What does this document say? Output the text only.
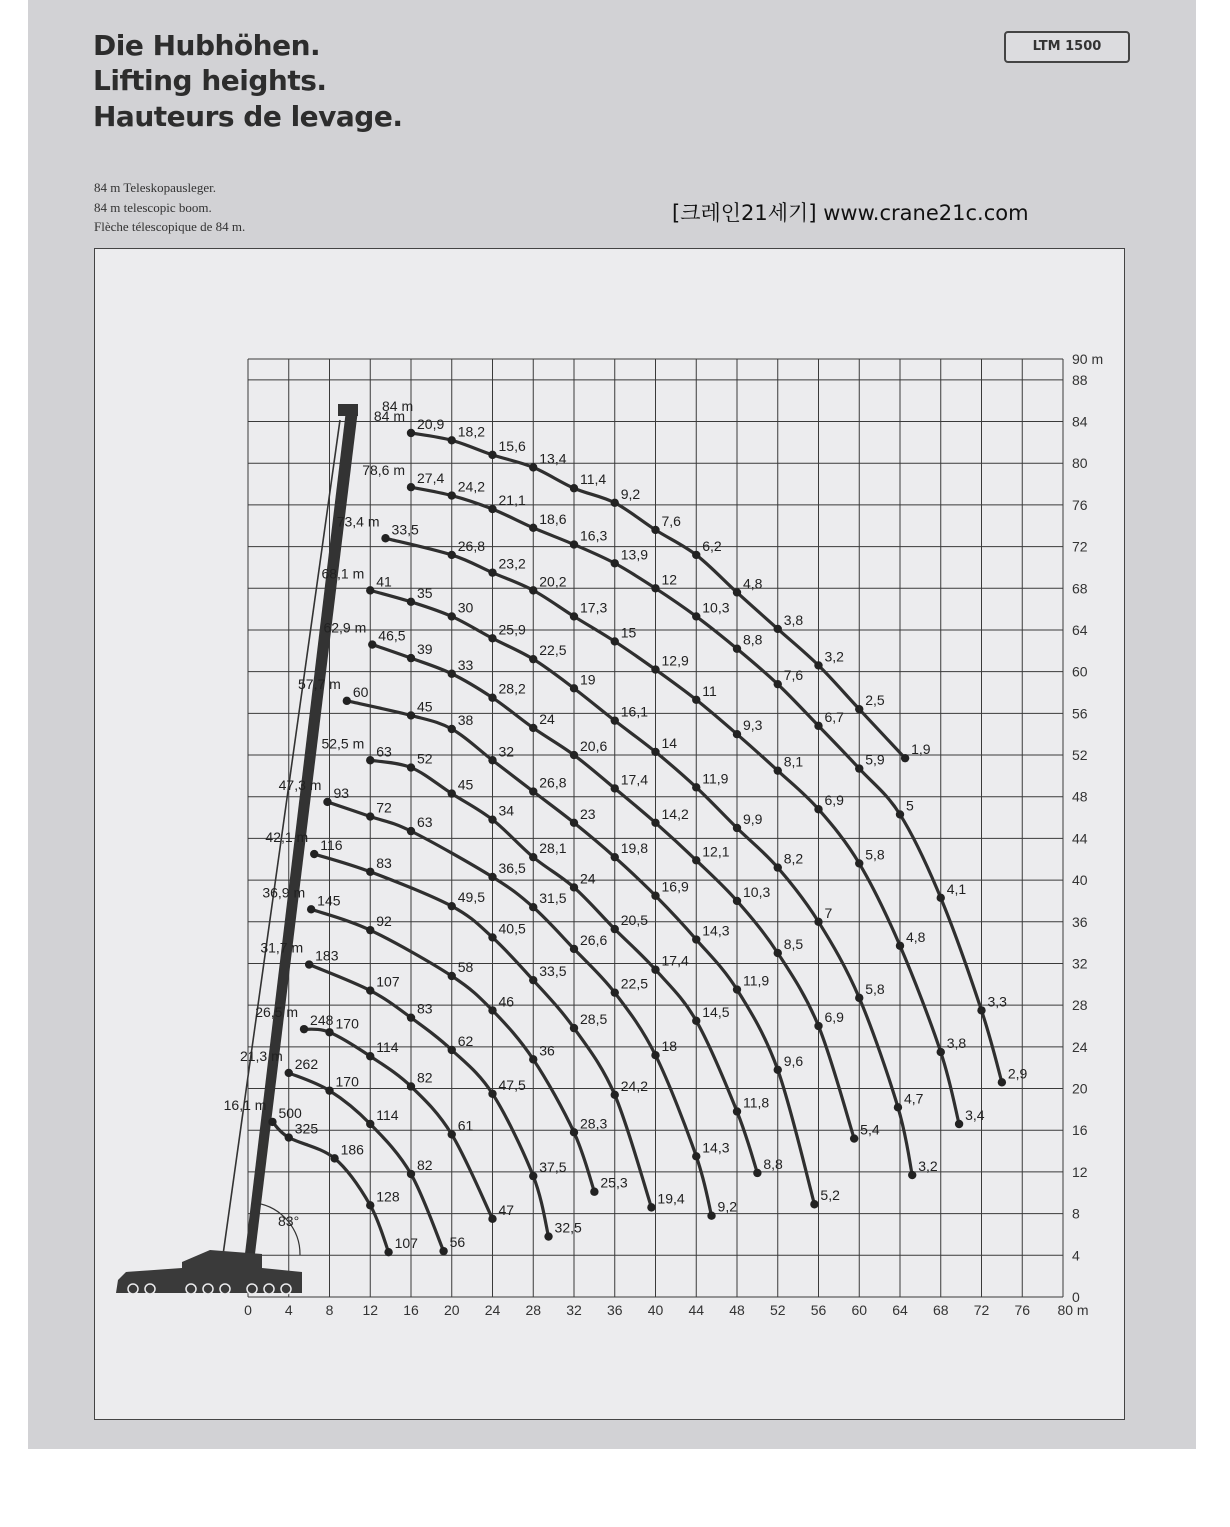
Die Hubhöhen.
Lifting heights.
Hauteurs de levage.
LTM 1500
84 m Teleskopausleger.
84 m telescopic boom.
Flèche télescopique de 84 m.
[크레인21세기] www.crane21c.com
83°
84 m
16,1 m 500
325
186
128
107
21,3 m 262
170
114
82
56
26,5 m
248 170
114
82
61
47
31,7 m 183
107
83
62
47,5
37,5
32,5
36,9 m 145
92
58
46
36
28,3
25,3
42,1 m 116
83
49,5
40,5
33,5
28,5
24,2
19,4
47,3 m 93
72
63
36,5
31,5
26,6
22,5
18
14,3
9,2
52,5 m 63 52
45
34
28,1
24
20,5
17,4
14,5
11,8
8,8
57,7 m 60
45
38
32
26,8
23
19,8
16,9
14,3
11,9
9,6
5,2
62,9 m 46,5
39
33
28,2
24
20,6
17,4
14,2
12,1
10,3
8,5
6,9
5,4
68,1 m 41
35
30
25,9
22,5
19
16,1
14
11,9
9,9
8,2
7
5,8
4,7
3,2
73,4 m 33,5
26,8
23,2
20,2
17,3
15
12,9
11
9,3
8,1
6,9
5,8
4,8
3,8
3,4
78,6 m 27,4
24,2
21,1
18,6
16,3
13,9
12
10,3
8,8
7,6
6,7
5,9
5
4,1
3,3
2,9
84 m 20,9 18,2
15,6
13,4
11,4
9,2
7,6
6,2
4,8
3,8
3,2
2,5
1,9
0 4 8 12 16 20 24 28 32 36 40 44 48 52 56 60 64 68 72 76 80 m
0
4
8
12
16
20
24
28
32
36
40
44
48
52
56
60
64
68
72
76
80
84
88
90 m
